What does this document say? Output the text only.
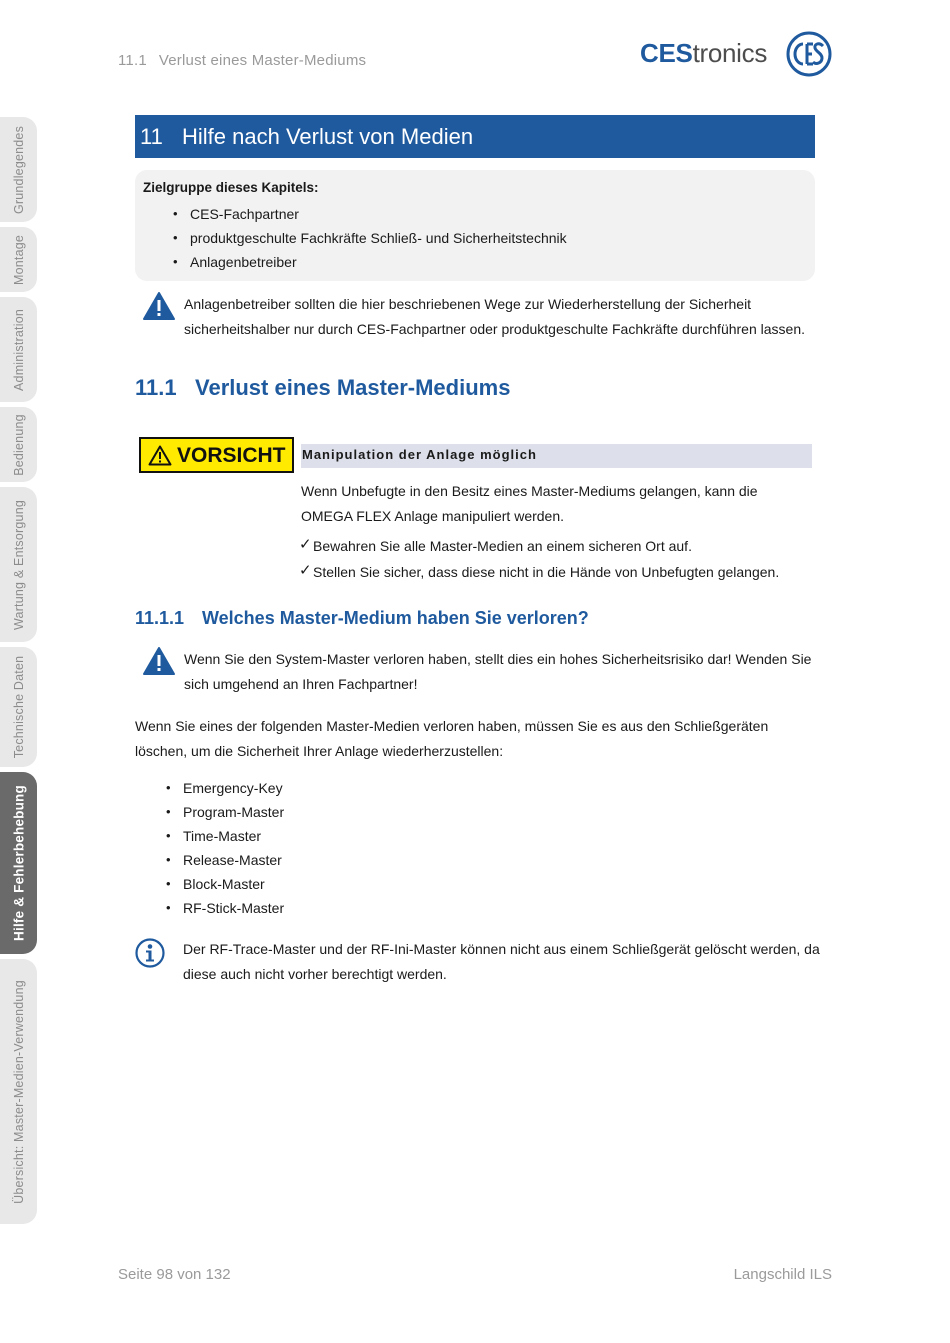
11.1 Verlust eines Master-Mediums	CEStronics
Grundlegendes
Montage
Administration
Bedienung
Wartung & Entsorgung
Technische Daten
Hilfe & Fehlerbehebung
Übersicht: Master-Medien-Verwendung
11 Hilfe nach Verlust von Medien
Zielgruppe dieses Kapitels:
• CES-Fachpartner
• produktgeschulte Fachkräfte Schließ- und Sicherheitstechnik
• Anlagenbetreiber
Anlagenbetreiber sollten die hier beschriebenen Wege zur Wiederherstellung der Sicherheit
sicherheitshalber nur durch CES-Fachpartner oder produktgeschulte Fachkräfte durchführen lassen.
11.1 Verlust eines Master-Mediums
VORSICHT Manipulation der Anlage möglich
Wenn Unbefugte in den Besitz eines Master-Mediums gelangen, kann die
OMEGA FLEX Anlage manipuliert werden.
✓ Bewahren Sie alle Master-Medien an einem sicheren Ort auf.
✓ Stellen Sie sicher, dass diese nicht in die Hände von Unbefugten gelangen.
11.1.1 Welches Master-Medium haben Sie verloren?
Wenn Sie den System-Master verloren haben, stellt dies ein hohes Sicherheitsrisiko dar! Wenden Sie
sich umgehend an Ihren Fachpartner!
Wenn Sie eines der folgenden Master-Medien verloren haben, müssen Sie es aus den Schließgeräten
löschen, um die Sicherheit Ihrer Anlage wiederherzustellen:
• Emergency-Key
• Program-Master
• Time-Master
• Release-Master
• Block-Master
• RF-Stick-Master
Der RF-Trace-Master und der RF-Ini-Master können nicht aus einem Schließgerät gelöscht werden, da
diese auch nicht vorher berechtigt werden.
Seite 98 von 132	Langschild ILS
